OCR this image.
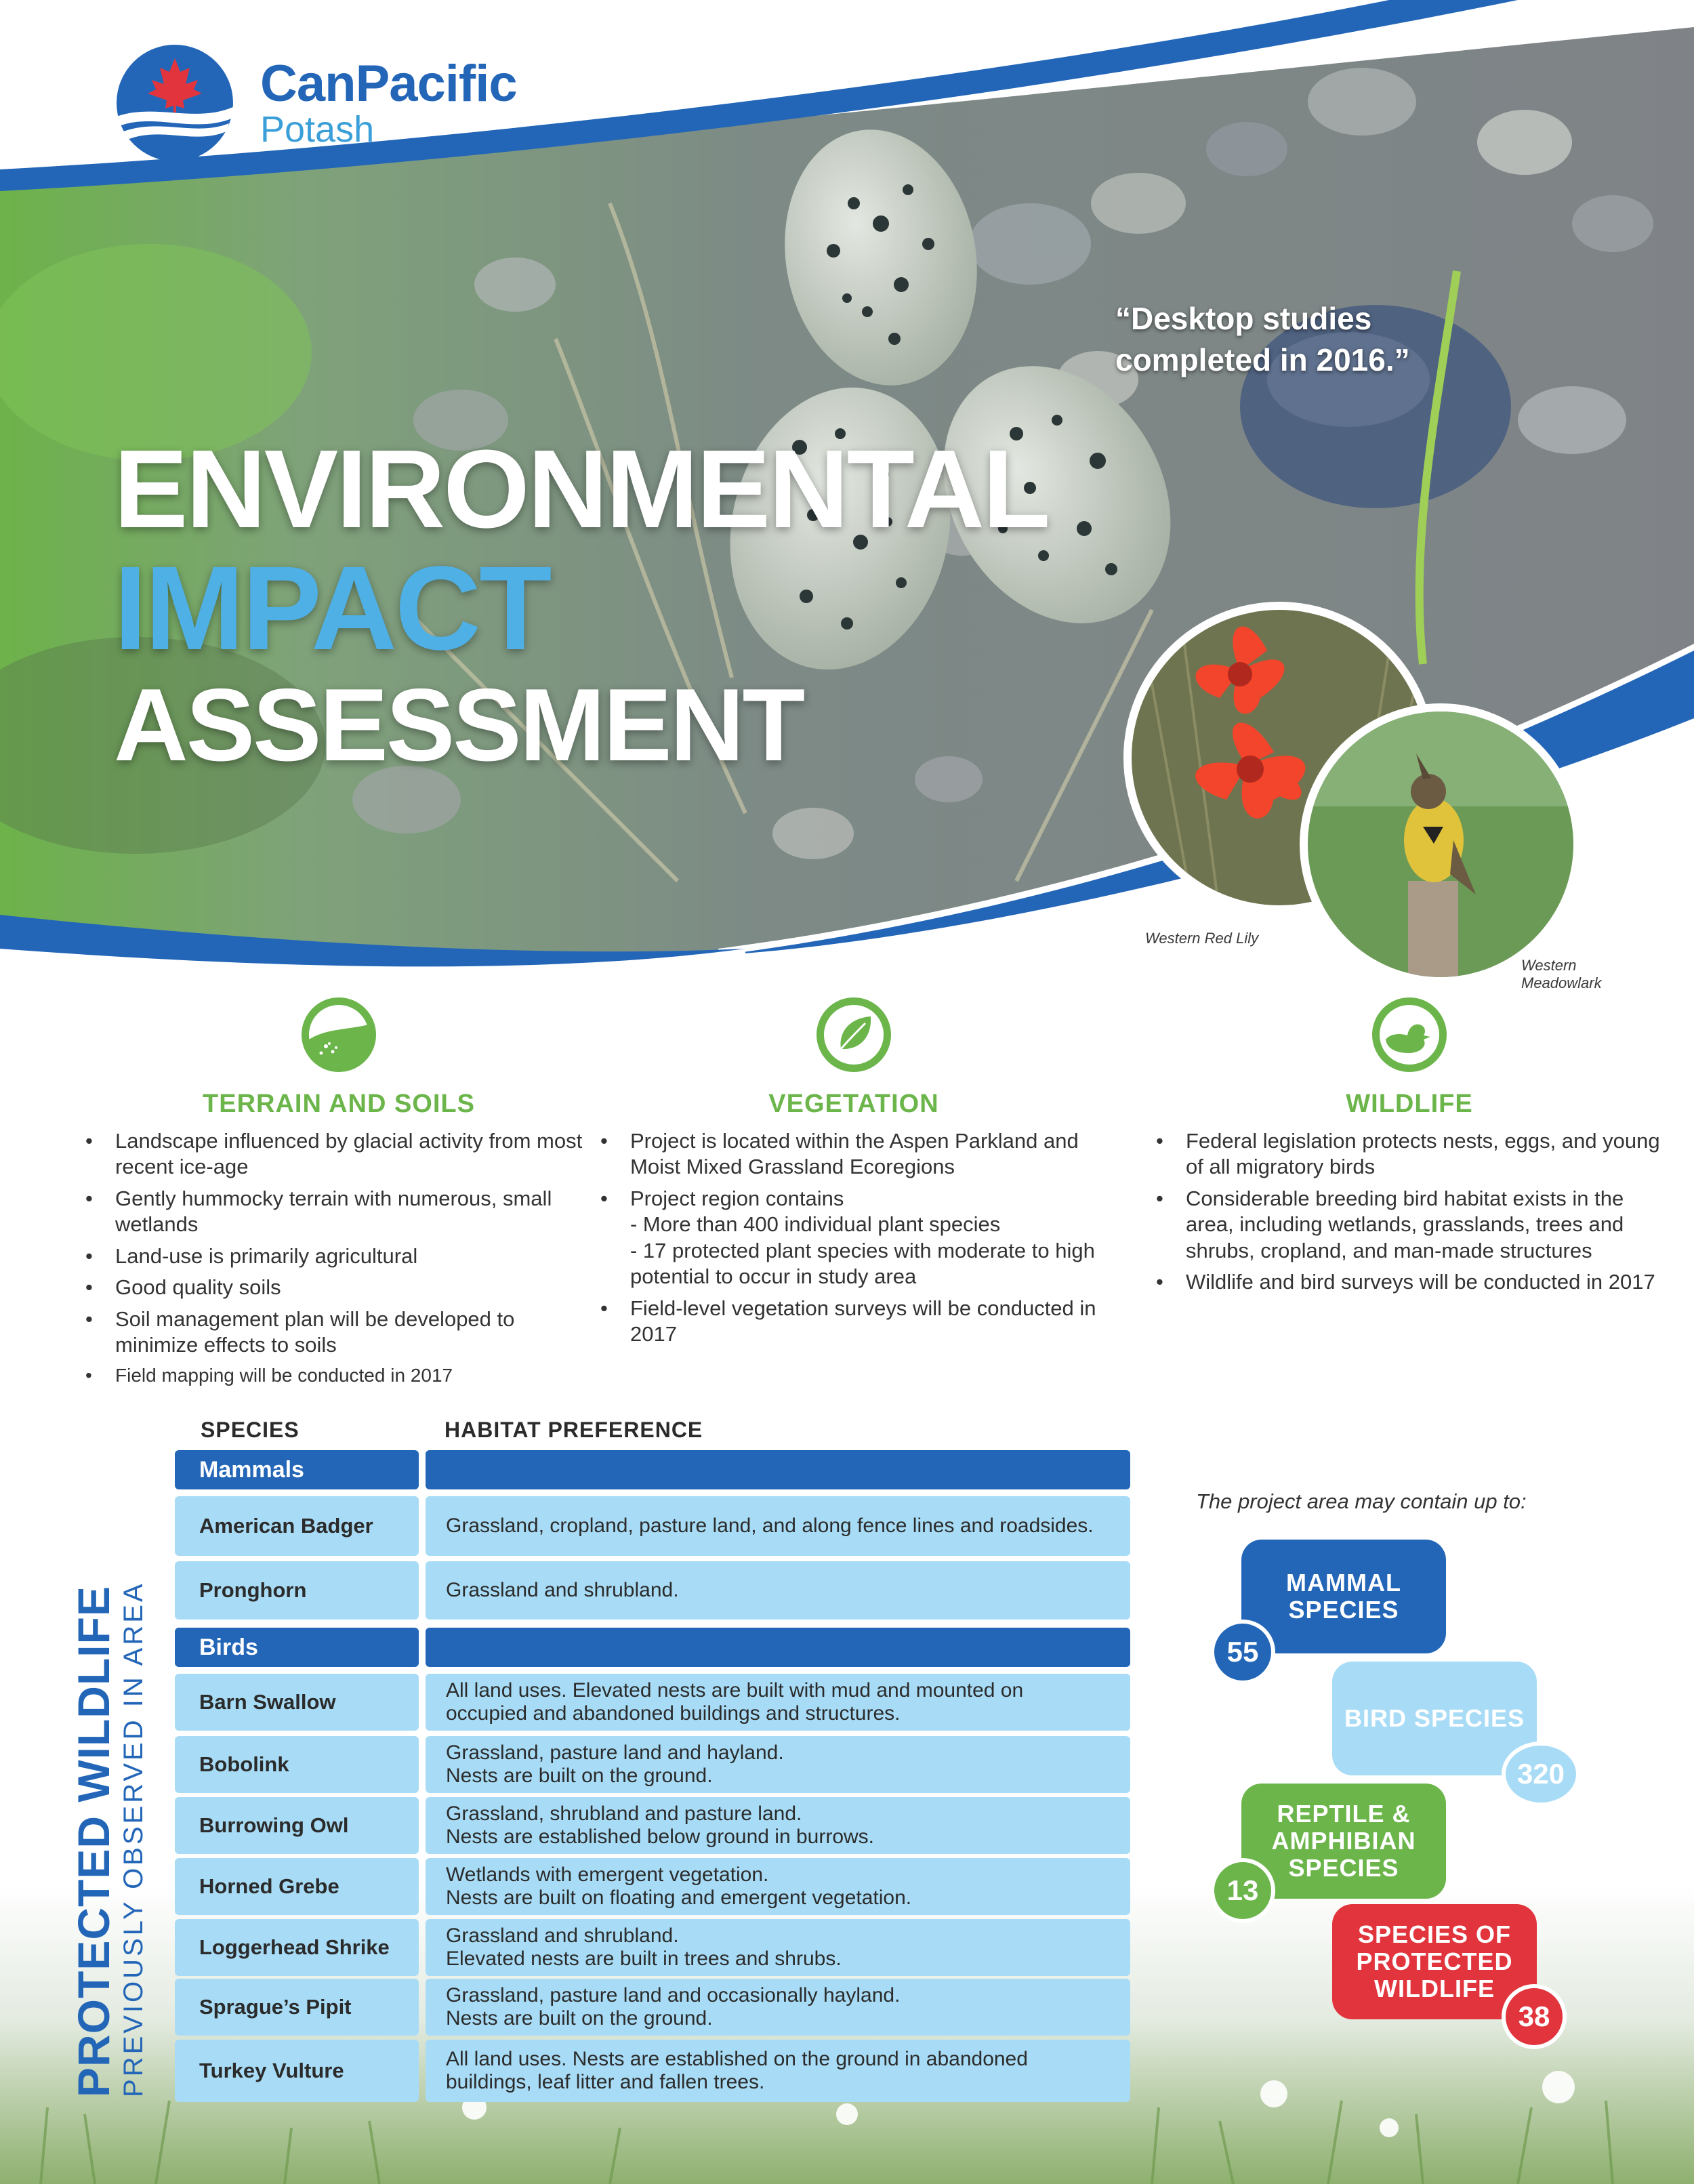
CanPacific
Potash
“Desktop studies completed in 2016.”
ENVIRONMENTAL
IMPACT
ASSESSMENT
Western Red Lily
Western
Meadowlark
TERRAIN AND SOILS
• Landscape influenced by glacial activity from most recent ice-age
• Gently hummocky terrain with numerous, small wetlands
• Land-use is primarily agricultural
• Good quality soils
• Soil management plan will be developed to minimize effects to soils
• Field mapping will be conducted in 2017
VEGETATION
• Project is located within the Aspen Parkland and Moist Mixed Grassland Ecoregions
• Project region contains
- More than 400 individual plant species
- 17 protected plant species with moderate to high potential to occur in study area
• Field-level vegetation surveys will be conducted in 2017
WILDLIFE
• Federal legislation protects nests, eggs, and young of all migratory birds
• Considerable breeding bird habitat exists in the area, including wetlands, grasslands, trees and shrubs, cropland, and man-made structures
• Wildlife and bird surveys will be conducted in 2017
PROTECTED WILDLIFE PREVIOUSLY OBSERVED IN AREA
SPECIES	HABITAT PREFERENCE
Mammals
American Badger	Grassland, cropland, pasture land, and along fence lines and roadsides.
Pronghorn	Grassland and shrubland.
Birds
Barn Swallow	All land uses. Elevated nests are built with mud and mounted on occupied and abandoned buildings and structures.
Bobolink	Grassland, pasture land and hayland.
Nests are built on the ground.
Burrowing Owl	Grassland, shrubland and pasture land.
Nests are established below ground in burrows.
Horned Grebe	Wetlands with emergent vegetation.
Nests are built on floating and emergent vegetation.
Loggerhead Shrike	Grassland and shrubland.
Elevated nests are built in trees and shrubs.
Sprague’s Pipit	Grassland, pasture land and occasionally hayland.
Nests are built on the ground.
Turkey Vulture	All land uses. Nests are established on the ground in abandoned buildings, leaf litter and fallen trees.
The project area may contain up to:
MAMMAL SPECIES
55
BIRD SPECIES
320
REPTILE & AMPHIBIAN SPECIES
13
SPECIES OF PROTECTED WILDLIFE
38
